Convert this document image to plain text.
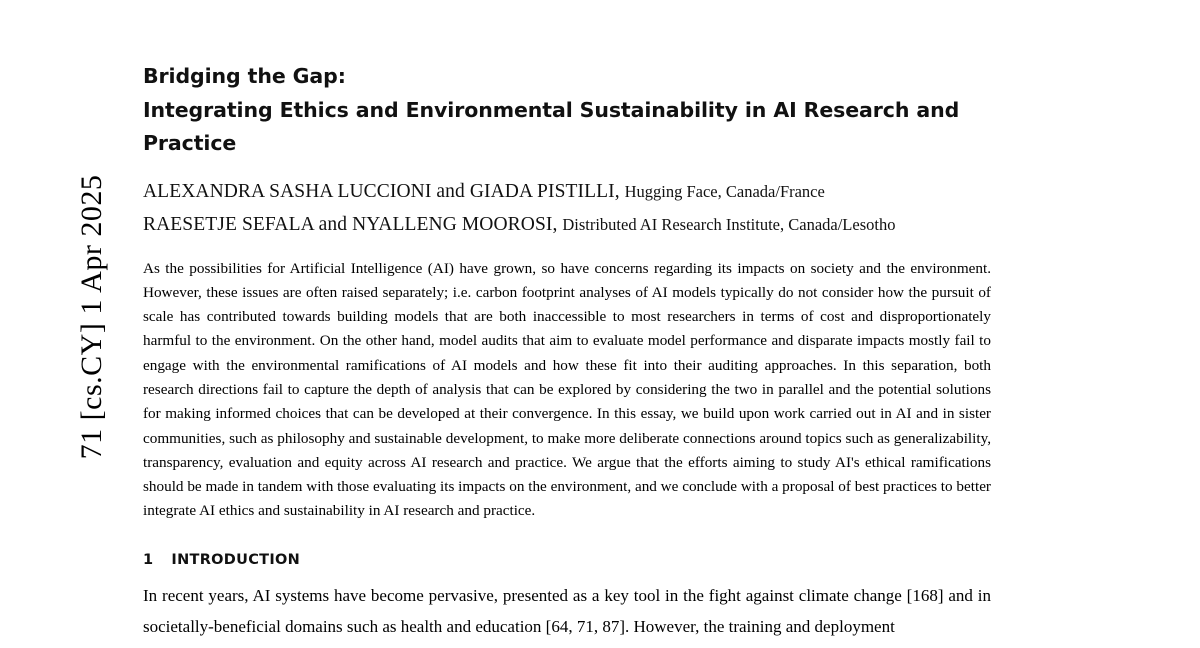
71 [cs.CY] 1 Apr 2025
Bridging the Gap:
Integrating Ethics and Environmental Sustainability in AI Research and
Practice
ALEXANDRA SASHA LUCCIONI and GIADA PISTILLI, Hugging Face, Canada/France
RAESETJE SEFALA and NYALLENG MOOROSI, Distributed AI Research Institute, Canada/Lesotho

As the possibilities for Artificial Intelligence (AI) have grown, so have concerns regarding its impacts on society and the environment. However, these issues are often raised separately; i.e. carbon footprint analyses of AI models typically do not consider how the pursuit of scale has contributed towards building models that are both inaccessible to most researchers in terms of cost and disproportionately harmful to the environment. On the other hand, model audits that aim to evaluate model performance and disparate impacts mostly fail to engage with the environmental ramifications of AI models and how these fit into their auditing approaches. In this separation, both research directions fail to capture the depth of analysis that can be explored by considering the two in parallel and the potential solutions for making informed choices that can be developed at their convergence. In this essay, we build upon work carried out in AI and in sister communities, such as philosophy and sustainable development, to make more deliberate connections around topics such as generalizability, transparency, evaluation and equity across AI research and practice. We argue that the efforts aiming to study AI's ethical ramifications should be made in tandem with those evaluating its impacts on the environment, and we conclude with a proposal of best practices to better integrate AI ethics and sustainability in AI research and practice.

1 INTRODUCTION

In recent years, AI systems have become pervasive, presented as a key tool in the fight against climate change [168] and in societally-beneficial domains such as health and education [64, 71, 87]. However, the training and deployment
